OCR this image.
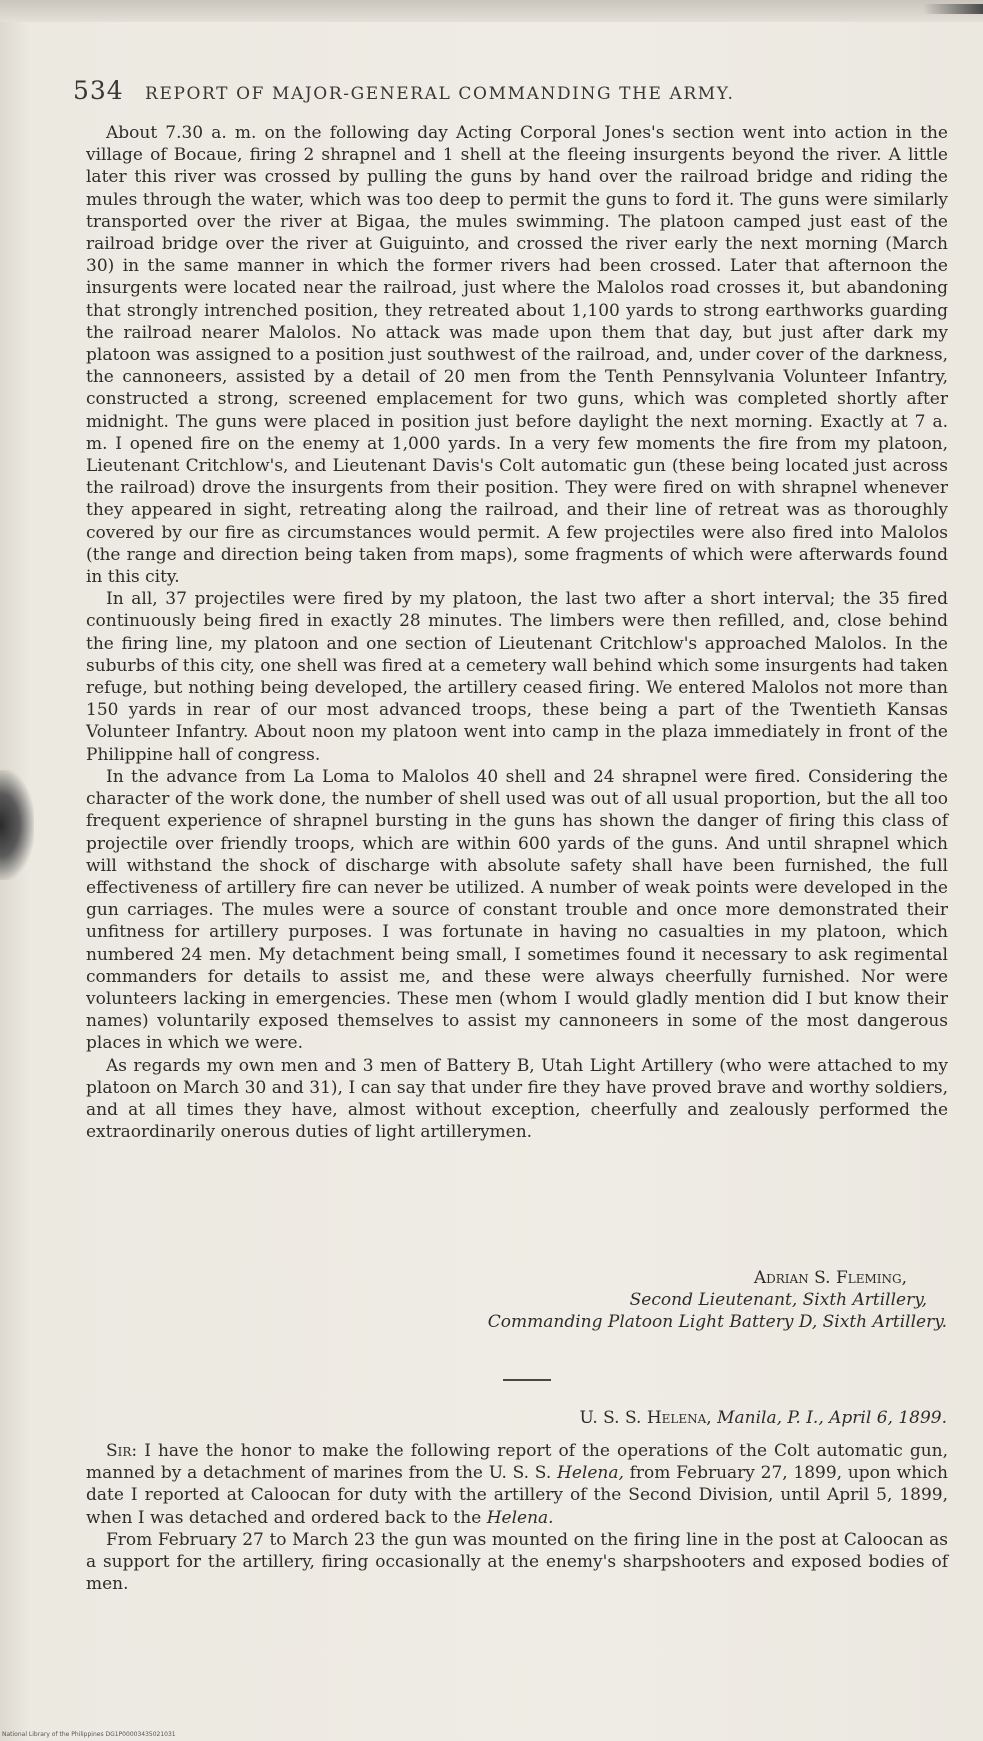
534 REPORT OF MAJOR-GENERAL COMMANDING THE ARMY.

About 7.30 a. m. on the following day Acting Corporal Jones's section went into action in the village of Bocaue, firing 2 shrapnel and 1 shell at the fleeing insurgents beyond the river. A little later this river was crossed by pulling the guns by hand over the railroad bridge and riding the mules through the water, which was too deep to permit the guns to ford it. The guns were similarly transported over the river at Bigaa, the mules swimming. The platoon camped just east of the railroad bridge over the river at Guiguinto, and crossed the river early the next morning (March 30) in the same manner in which the former rivers had been crossed. Later that afternoon the insurgents were located near the railroad, just where the Malolos road crosses it, but abandoning that strongly intrenched position, they retreated about 1,100 yards to strong earthworks guarding the railroad nearer Malolos. No attack was made upon them that day, but just after dark my platoon was assigned to a position just southwest of the railroad, and, under cover of the darkness, the cannoneers, assisted by a detail of 20 men from the Tenth Pennsylvania Volunteer Infantry, constructed a strong, screened emplacement for two guns, which was completed shortly after midnight. The guns were placed in position just before daylight the next morning. Exactly at 7 a. m. I opened fire on the enemy at 1,000 yards. In a very few moments the fire from my platoon, Lieutenant Critchlow's, and Lieutenant Davis's Colt automatic gun (these being located just across the railroad) drove the insurgents from their position. They were fired on with shrapnel whenever they appeared in sight, retreating along the railroad, and their line of retreat was as thoroughly covered by our fire as circumstances would permit. A few projectiles were also fired into Malolos (the range and direction being taken from maps), some fragments of which were afterwards found in this city.

In all, 37 projectiles were fired by my platoon, the last two after a short interval; the 35 fired continuously being fired in exactly 28 minutes. The limbers were then refilled, and, close behind the firing line, my platoon and one section of Lieutenant Critchlow's approached Malolos. In the suburbs of this city, one shell was fired at a cemetery wall behind which some insurgents had taken refuge, but nothing being developed, the artillery ceased firing. We entered Malolos not more than 150 yards in rear of our most advanced troops, these being a part of the Twentieth Kansas Volunteer Infantry. About noon my platoon went into camp in the plaza immediately in front of the Philippine hall of congress.

In the advance from La Loma to Malolos 40 shell and 24 shrapnel were fired. Considering the character of the work done, the number of shell used was out of all usual proportion, but the all too frequent experience of shrapnel bursting in the guns has shown the danger of firing this class of projectile over friendly troops, which are within 600 yards of the guns. And until shrapnel which will withstand the shock of discharge with absolute safety shall have been furnished, the full effectiveness of artillery fire can never be utilized. A number of weak points were developed in the gun carriages. The mules were a source of constant trouble and once more demonstrated their unfitness for artillery purposes. I was fortunate in having no casualties in my platoon, which numbered 24 men. My detachment being small, I sometimes found it necessary to ask regimental commanders for details to assist me, and these were always cheerfully furnished. Nor were volunteers lacking in emergencies. These men (whom I would gladly mention did I but know their names) voluntarily exposed themselves to assist my cannoneers in some of the most dangerous places in which we were.

As regards my own men and 3 men of Battery B, Utah Light Artillery (who were attached to my platoon on March 30 and 31), I can say that under fire they have proved brave and worthy soldiers, and at all times they have, almost without exception, cheerfully and zealously performed the extraordinarily onerous duties of light artillerymen.

Adrian S. Fleming,
Second Lieutenant, Sixth Artillery,
Commanding Platoon Light Battery D, Sixth Artillery.
U. S. S. Helena, Manila, P. I., April 6, 1899.

Sir: I have the honor to make the following report of the operations of the Colt automatic gun, manned by a detachment of marines from the U. S. S. Helena, from February 27, 1899, upon which date I reported at Caloocan for duty with the artillery of the Second Division, until April 5, 1899, when I was detached and ordered back to the Helena.

From February 27 to March 23 the gun was mounted on the firing line in the post at Caloocan as a support for the artillery, firing occasionally at the enemy's sharpshooters and exposed bodies of men.

National Library of the Philippines DG1P00003435021031
